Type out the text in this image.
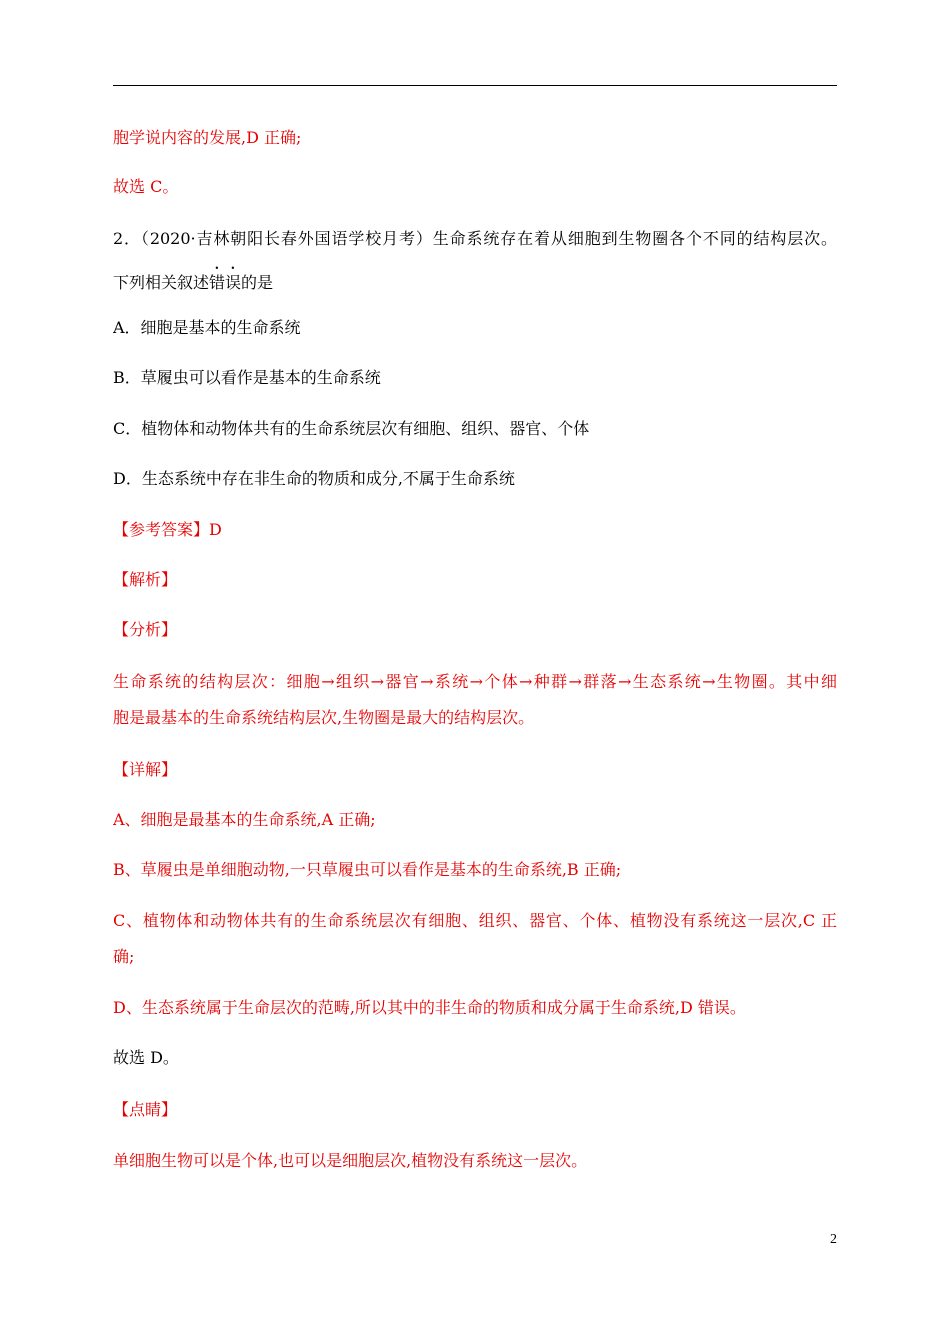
胞学说内容的发展,D 正确;
故选 C。
2．（2020·吉林朝阳长春外国语学校月考）生命系统存在着从细胞到生物圈各个不同的结构层次。
下列相关叙述错误的是
A．细胞是基本的生命系统
B．草履虫可以看作是基本的生命系统
C．植物体和动物体共有的生命系统层次有细胞、组织、器官、个体
D．生态系统中存在非生命的物质和成分,不属于生命系统
【参考答案】D
【解析】
【分析】
生命系统的结构层次：细胞→组织→器官→系统→个体→种群→群落→生态系统→生物圈。其中细
胞是最基本的生命系统结构层次,生物圈是最大的结构层次。
【详解】
A、细胞是最基本的生命系统,A 正确;
B、草履虫是单细胞动物,一只草履虫可以看作是基本的生命系统,B 正确;
C、植物体和动物体共有的生命系统层次有细胞、组织、器官、个体、植物没有系统这一层次,C 正
确;
D、生态系统属于生命层次的范畴,所以其中的非生命的物质和成分属于生命系统,D 错误。
故选 D。
【点睛】
单细胞生物可以是个体,也可以是细胞层次,植物没有系统这一层次。
2
